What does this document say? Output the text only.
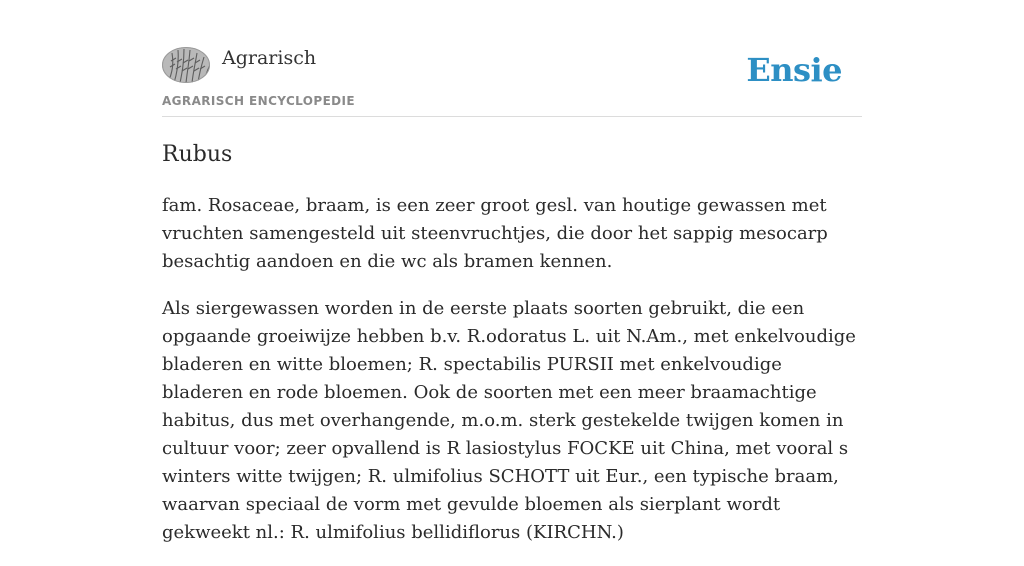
Agrarisch
AGRARISCH ENCYCLOPEDIE
Ensie
Rubus

fam. Rosaceae, braam, is een zeer groot gesl. van houtige gewassen met vruchten samengesteld uit steenvruchtjes, die door het sappig mesocarp besachtig aandoen en die wc als bramen kennen.

Als siergewassen worden in de eerste plaats soorten gebruikt, die een opgaande groeiwijze hebben b.v. R.odoratus L. uit N.Am., met enkelvoudige bladeren en witte bloemen; R. spectabilis PURSII met enkelvoudige bladeren en rode bloemen. Ook de soorten met een meer braamachtige habitus, dus met overhangende, m.o.m. sterk gestekelde twijgen komen in cultuur voor; zeer opvallend is R lasiostylus FOCKE uit China, met vooral s winters witte twijgen; R. ulmifolius SCHOTT uit Eur., een typische braam, waarvan speciaal de vorm met gevulde bloemen als sierplant wordt gekweekt nl.: R. ulmifolius bellidiflorus (KIRCHN.)
